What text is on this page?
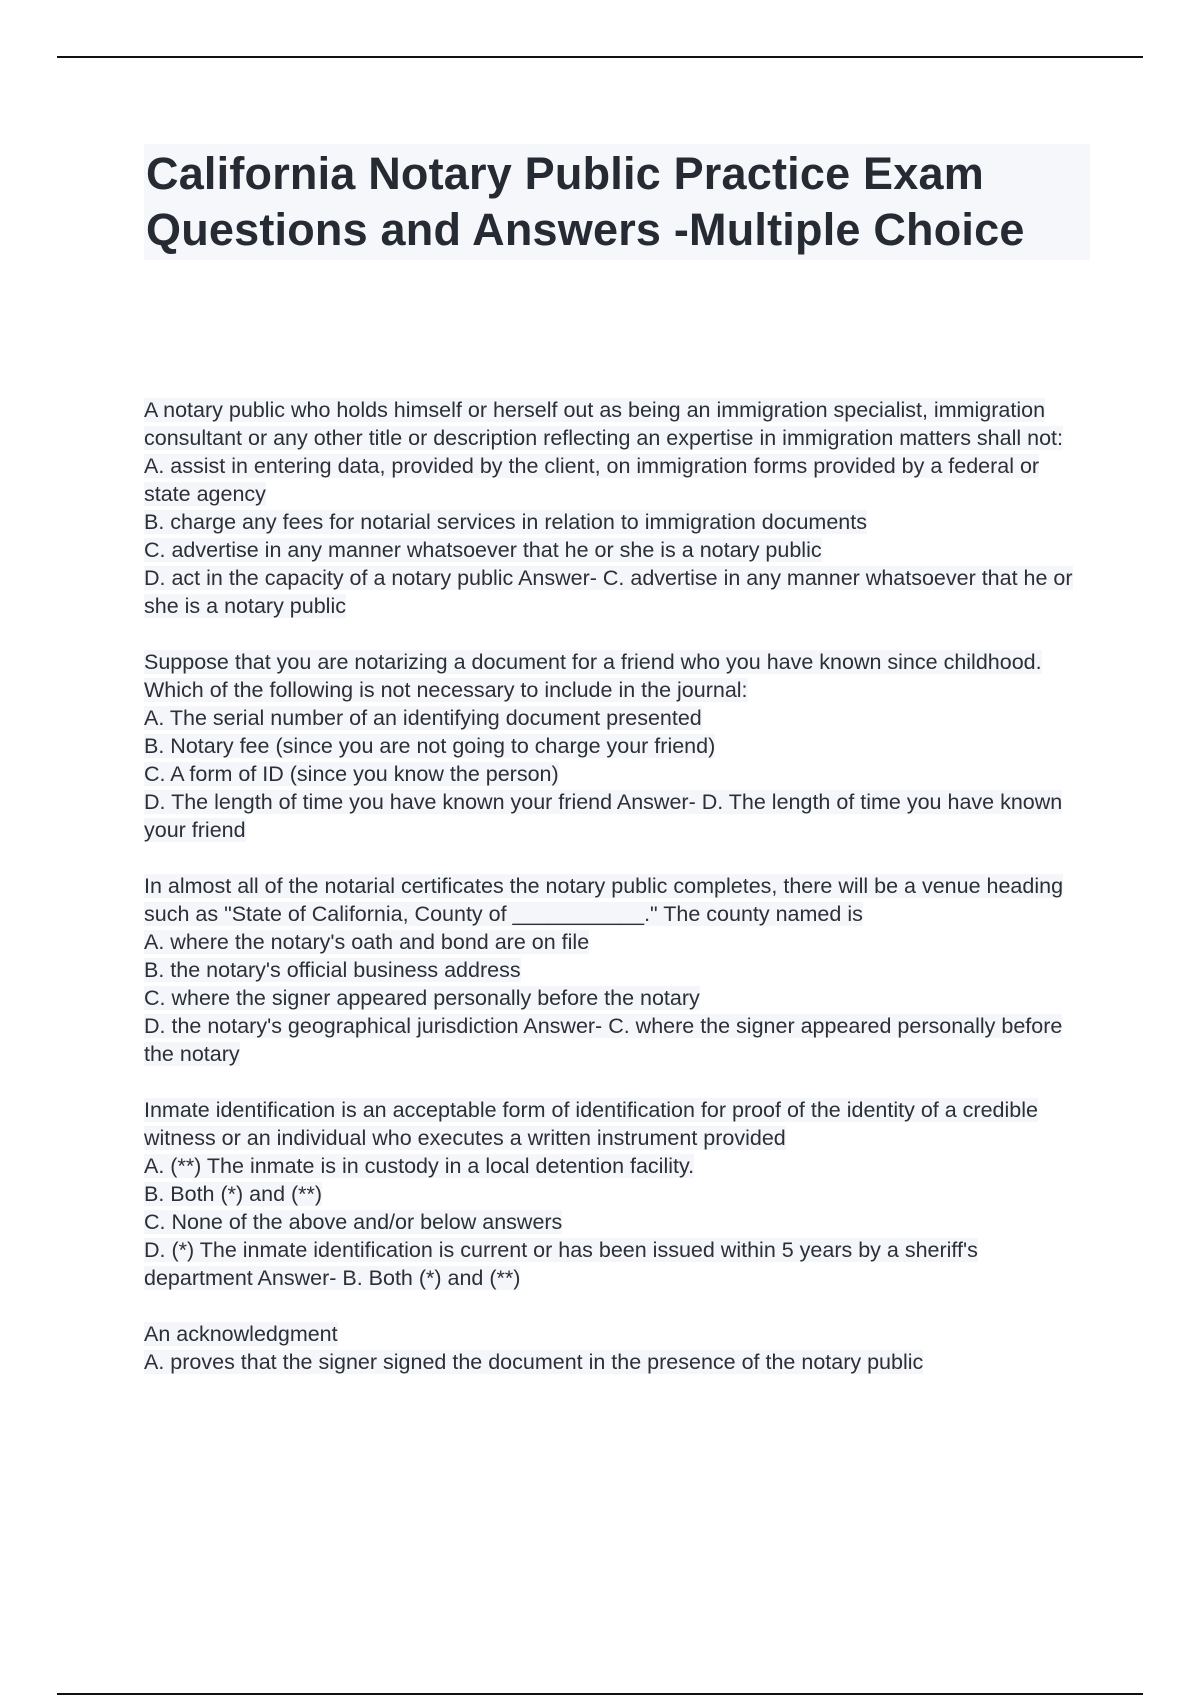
California Notary Public Practice Exam
Questions and Answers -Multiple Choice

A notary public who holds himself or herself out as being an immigration specialist, immigration consultant or any other title or description reflecting an expertise in immigration matters shall not:

A. assist in entering data, provided by the client, on immigration forms provided by a federal or state agency

B. charge any fees for notarial services in relation to immigration documents

C. advertise in any manner whatsoever that he or she is a notary public

D. act in the capacity of a notary public Answer- C. advertise in any manner whatsoever that he or she is a notary public

Suppose that you are notarizing a document for a friend who you have known since childhood. Which of the following is not necessary to include in the journal:

A. The serial number of an identifying document presented

B. Notary fee (since you are not going to charge your friend)

C. A form of ID (since you know the person)

D. The length of time you have known your friend Answer- D. The length of time you have known your friend

In almost all of the notarial certificates the notary public completes, there will be a venue heading such as "State of California, County of ___________." The county named is

A. where the notary's oath and bond are on file

B. the notary's official business address

C. where the signer appeared personally before the notary

D. the notary's geographical jurisdiction Answer- C. where the signer appeared personally before the notary

Inmate identification is an acceptable form of identification for proof of the identity of a credible witness or an individual who executes a written instrument provided

A. (**) The inmate is in custody in a local detention facility.

B. Both (*) and (**)

C. None of the above and/or below answers

D. (*) The inmate identification is current or has been issued within 5 years by a sheriff's department Answer- B. Both (*) and (**)

An acknowledgment

A. proves that the signer signed the document in the presence of the notary public
